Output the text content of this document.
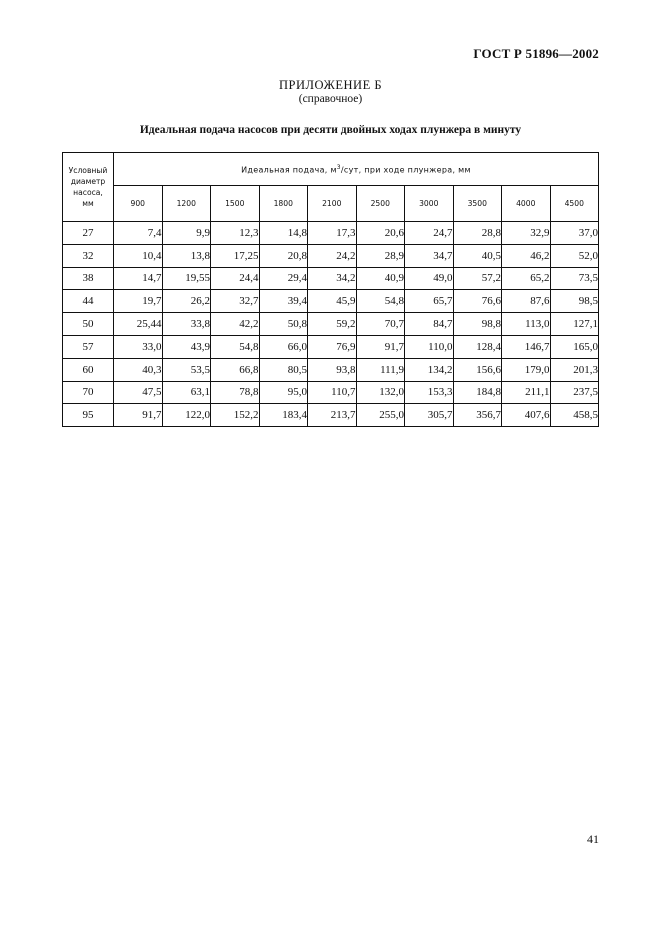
ГОСТ Р 51896—2002
ПРИЛОЖЕНИЕ Б
(справочное)
Идеальная подача насосов при десяти двойных ходах плунжера в минуту
Условный
диаметр
насоса,
мм	Идеальная подача, $м^3$/сут, при ходе плунжера, мм									
	900	1200	1500	1800	2100	2500	3000	3500	4000	4500
27	7,4	9,9	12,3	14,8	17,3	20,6	24,7	28,8	32,9	37,0
32	10,4	13,8	17,25	20,8	24,2	28,9	34,7	40,5	46,2	52,0
38	14,7	19,55	24,4	29,4	34,2	40,9	49,0	57,2	65,2	73,5
44	19,7	26,2	32,7	39,4	45,9	54,8	65,7	76,6	87,6	98,5
50	25,44	33,8	42,2	50,8	59,2	70,7	84,7	98,8	113,0	127,1
57	33,0	43,9	54,8	66,0	76,9	91,7	110,0	128,4	146,7	165,0
60	40,3	53,5	66,8	80,5	93,8	111,9	134,2	156,6	179,0	201,3
70	47,5	63,1	78,8	95,0	110,7	132,0	153,3	184,8	211,1	237,5
95	91,7	122,0	152,2	183,4	213,7	255,0	305,7	356,7	407,6	458,5
41
